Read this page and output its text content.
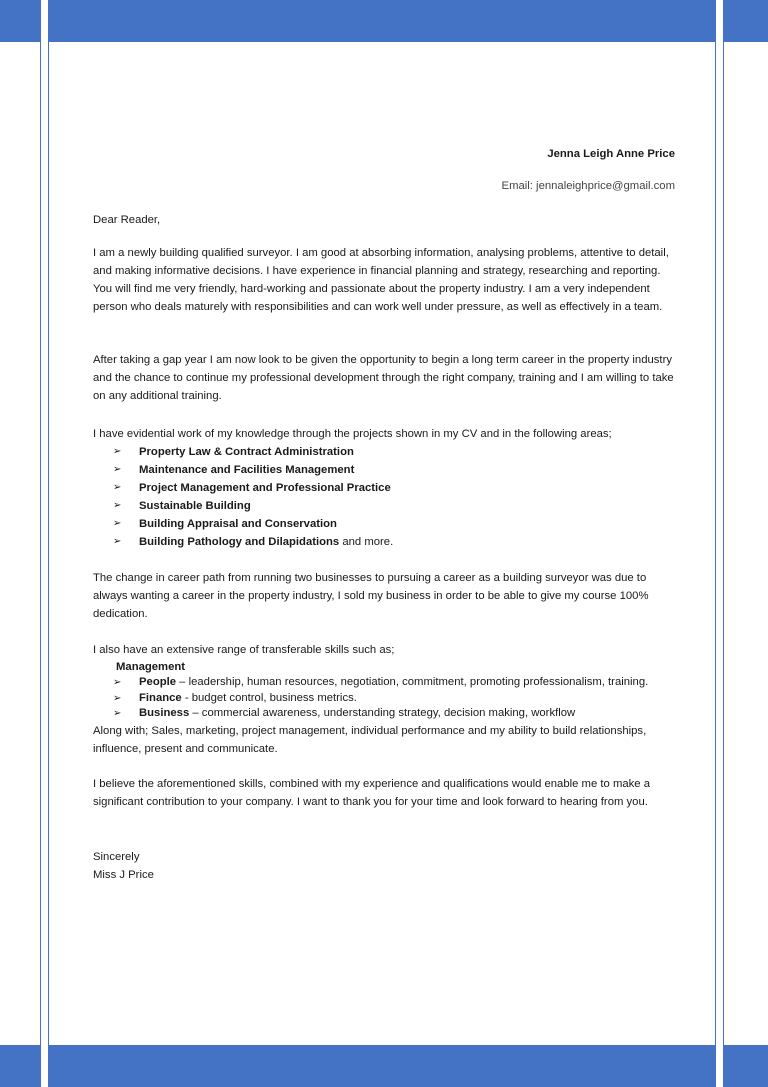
Jenna Leigh Anne Price
Email: jennaleighprice@gmail.com

Dear Reader,

I am a newly building qualified surveyor. I am good at absorbing information, analysing problems, attentive to detail, and making informative decisions. I have experience in financial planning and strategy, researching and reporting. You will find me very friendly, hard-working and passionate about the property industry. I am a very independent person who deals maturely with responsibilities and can work well under pressure, as well as effectively in a team.

After taking a gap year I am now look to be given the opportunity to begin a long term career in the property industry and the chance to continue my professional development through the right company, training and I am willing to take on any additional training.

I have evidential work of my knowledge through the projects shown in my CV and in the following areas;

➢ Property Law & Contract Administration
➢ Maintenance and Facilities Management
➢ Project Management and Professional Practice
➢ Sustainable Building
➢ Building Appraisal and Conservation
➢ Building Pathology and Dilapidations and more.

The change in career path from running two businesses to pursuing a career as a building surveyor was due to always wanting a career in the property industry, I sold my business in order to be able to give my course 100% dedication.

I also have an extensive range of transferable skills such as;

Management
➢ People – leadership, human resources, negotiation, commitment, promoting professionalism, training.
➢ Finance - budget control, business metrics.
➢ Business – commercial awareness, understanding strategy, decision making, workflow

Along with; Sales, marketing, project management, individual performance and my ability to build relationships, influence, present and communicate.

I believe the aforementioned skills, combined with my experience and qualifications would enable me to make a significant contribution to your company. I want to thank you for your time and look forward to hearing from you.

Sincerely
Miss J Price
